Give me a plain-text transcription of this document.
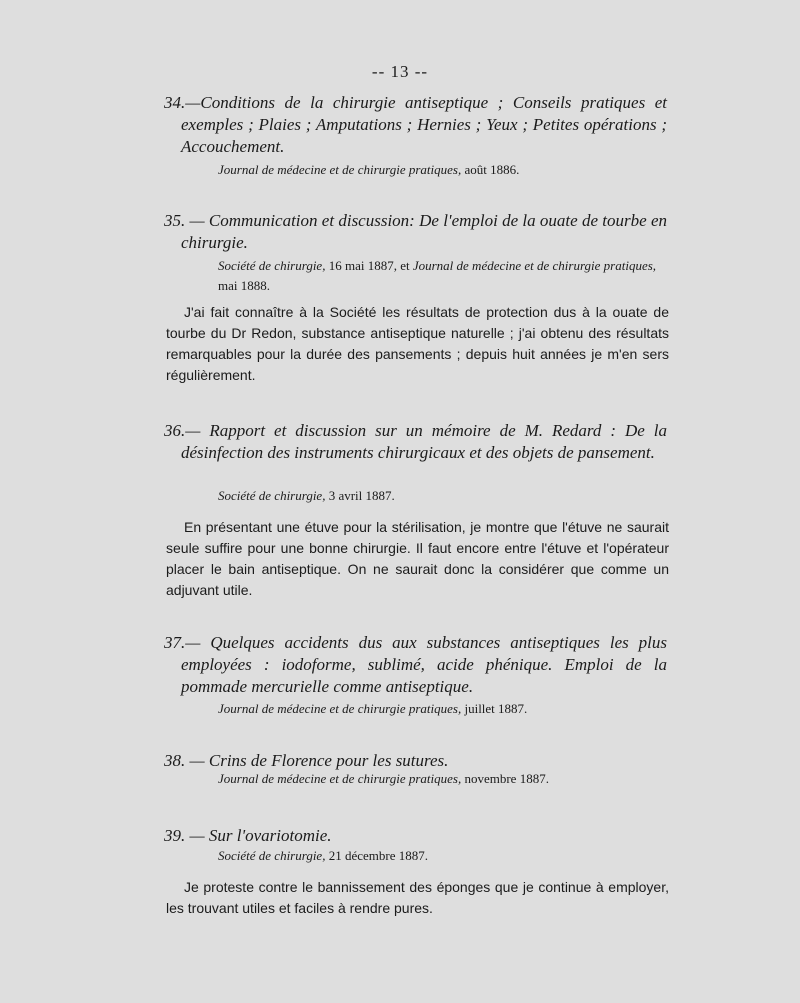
-- 13 --
34.—Conditions de la chirurgie antiseptique ; Conseils pratiques et exemples ; Plaies ; Amputations ; Hernies ; Yeux ; Petites opérations ; Accouchement.
Journal de médecine et de chirurgie pratiques, août 1886.
35. — Communication et discussion: De l'emploi de la ouate de tourbe en chirurgie.
Société de chirurgie, 16 mai 1887, et Journal de médecine et de chirurgie pratiques, mai 1888.

J'ai fait connaître à la Société les résultats de protection dus à la ouate de tourbe du Dr Redon, substance antiseptique naturelle ; j'ai obtenu des résultats remarquables pour la durée des pansements ; depuis huit années je m'en sers régulièrement.

36.— Rapport et discussion sur un mémoire de M. Redard : De la désinfection des instruments chirurgicaux et des objets de pansement.
Société de chirurgie, 3 avril 1887.

En présentant une étuve pour la stérilisation, je montre que l'étuve ne saurait seule suffire pour une bonne chirurgie. Il faut encore entre l'étuve et l'opérateur placer le bain antiseptique. On ne saurait donc la considérer que comme un adjuvant utile.

37.— Quelques accidents dus aux substances antiseptiques les plus employées : iodoforme, sublimé, acide phénique. Emploi de la pommade mercurielle comme antiseptique.
Journal de médecine et de chirurgie pratiques, juillet 1887.
38. — Crins de Florence pour les sutures.
Journal de médecine et de chirurgie pratiques, novembre 1887.
39. — Sur l'ovariotomie.
Société de chirurgie, 21 décembre 1887.

Je proteste contre le bannissement des éponges que je continue à employer, les trouvant utiles et faciles à rendre pures.
